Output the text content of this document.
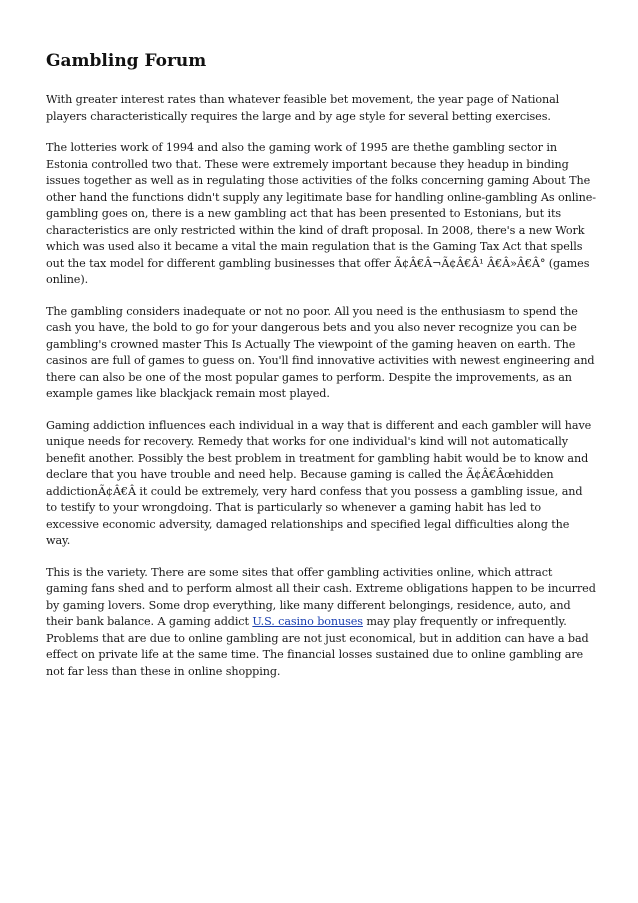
Gambling Forum

With greater interest rates than whatever feasible bet movement, the year page of National players characteristically requires the large and by age style for several betting exercises.

The lotteries work of 1994 and also the gaming work of 1995 are thethe gambling sector in Estonia controlled two that. These were extremely important because they headup in binding issues together as well as in regulating those activities of the folks concerning gaming About The other hand the functions didn't supply any legitimate base for handling online-gambling As online-gambling goes on, there is a new gambling act that has been presented to Estonians, but its characteristics are only restricted within the kind of draft proposal. In 2008, there's a new Work which was used also it became a vital the main regulation that is the Gaming Tax Act that spells out the tax model for different gambling businesses that offer Ã¢Â€Â¬Ã¢Â€Â¹ Â€Â»Â€Â° (games online).

The gambling considers inadequate or not no poor. All you need is the enthusiasm to spend the cash you have, the bold to go for your dangerous bets and you also never recognize you can be gambling's crowned master This Is Actually The viewpoint of the gaming heaven on earth. The casinos are full of games to guess on. You'll find innovative activities with newest engineering and there can also be one of the most popular games to perform. Despite the improvements, as an example games like blackjack remain most played.

Gaming addiction influences each individual in a way that is different and each gambler will have unique needs for recovery. Remedy that works for one individual's kind will not automatically benefit another. Possibly the best problem in treatment for gambling habit would be to know and declare that you have trouble and need help. Because gaming is called the Ã¢Â€Âœhidden addictionÃ¢Â€Â it could be extremely, very hard confess that you possess a gambling issue, and to testify to your wrongdoing. That is particularly so whenever a gaming habit has led to excessive economic adversity, damaged relationships and specified legal difficulties along the way.

This is the variety. There are some sites that offer gambling activities online, which attract gaming fans shed and to perform almost all their cash. Extreme obligations happen to be incurred by gaming lovers. Some drop everything, like many different belongings, residence, auto, and their bank balance. A gaming addict U.S. casino bonuses may play frequently or infrequently. Problems that are due to online gambling are not just economical, but in addition can have a bad effect on private life at the same time. The financial losses sustained due to online gambling are not far less than these in online shopping.
